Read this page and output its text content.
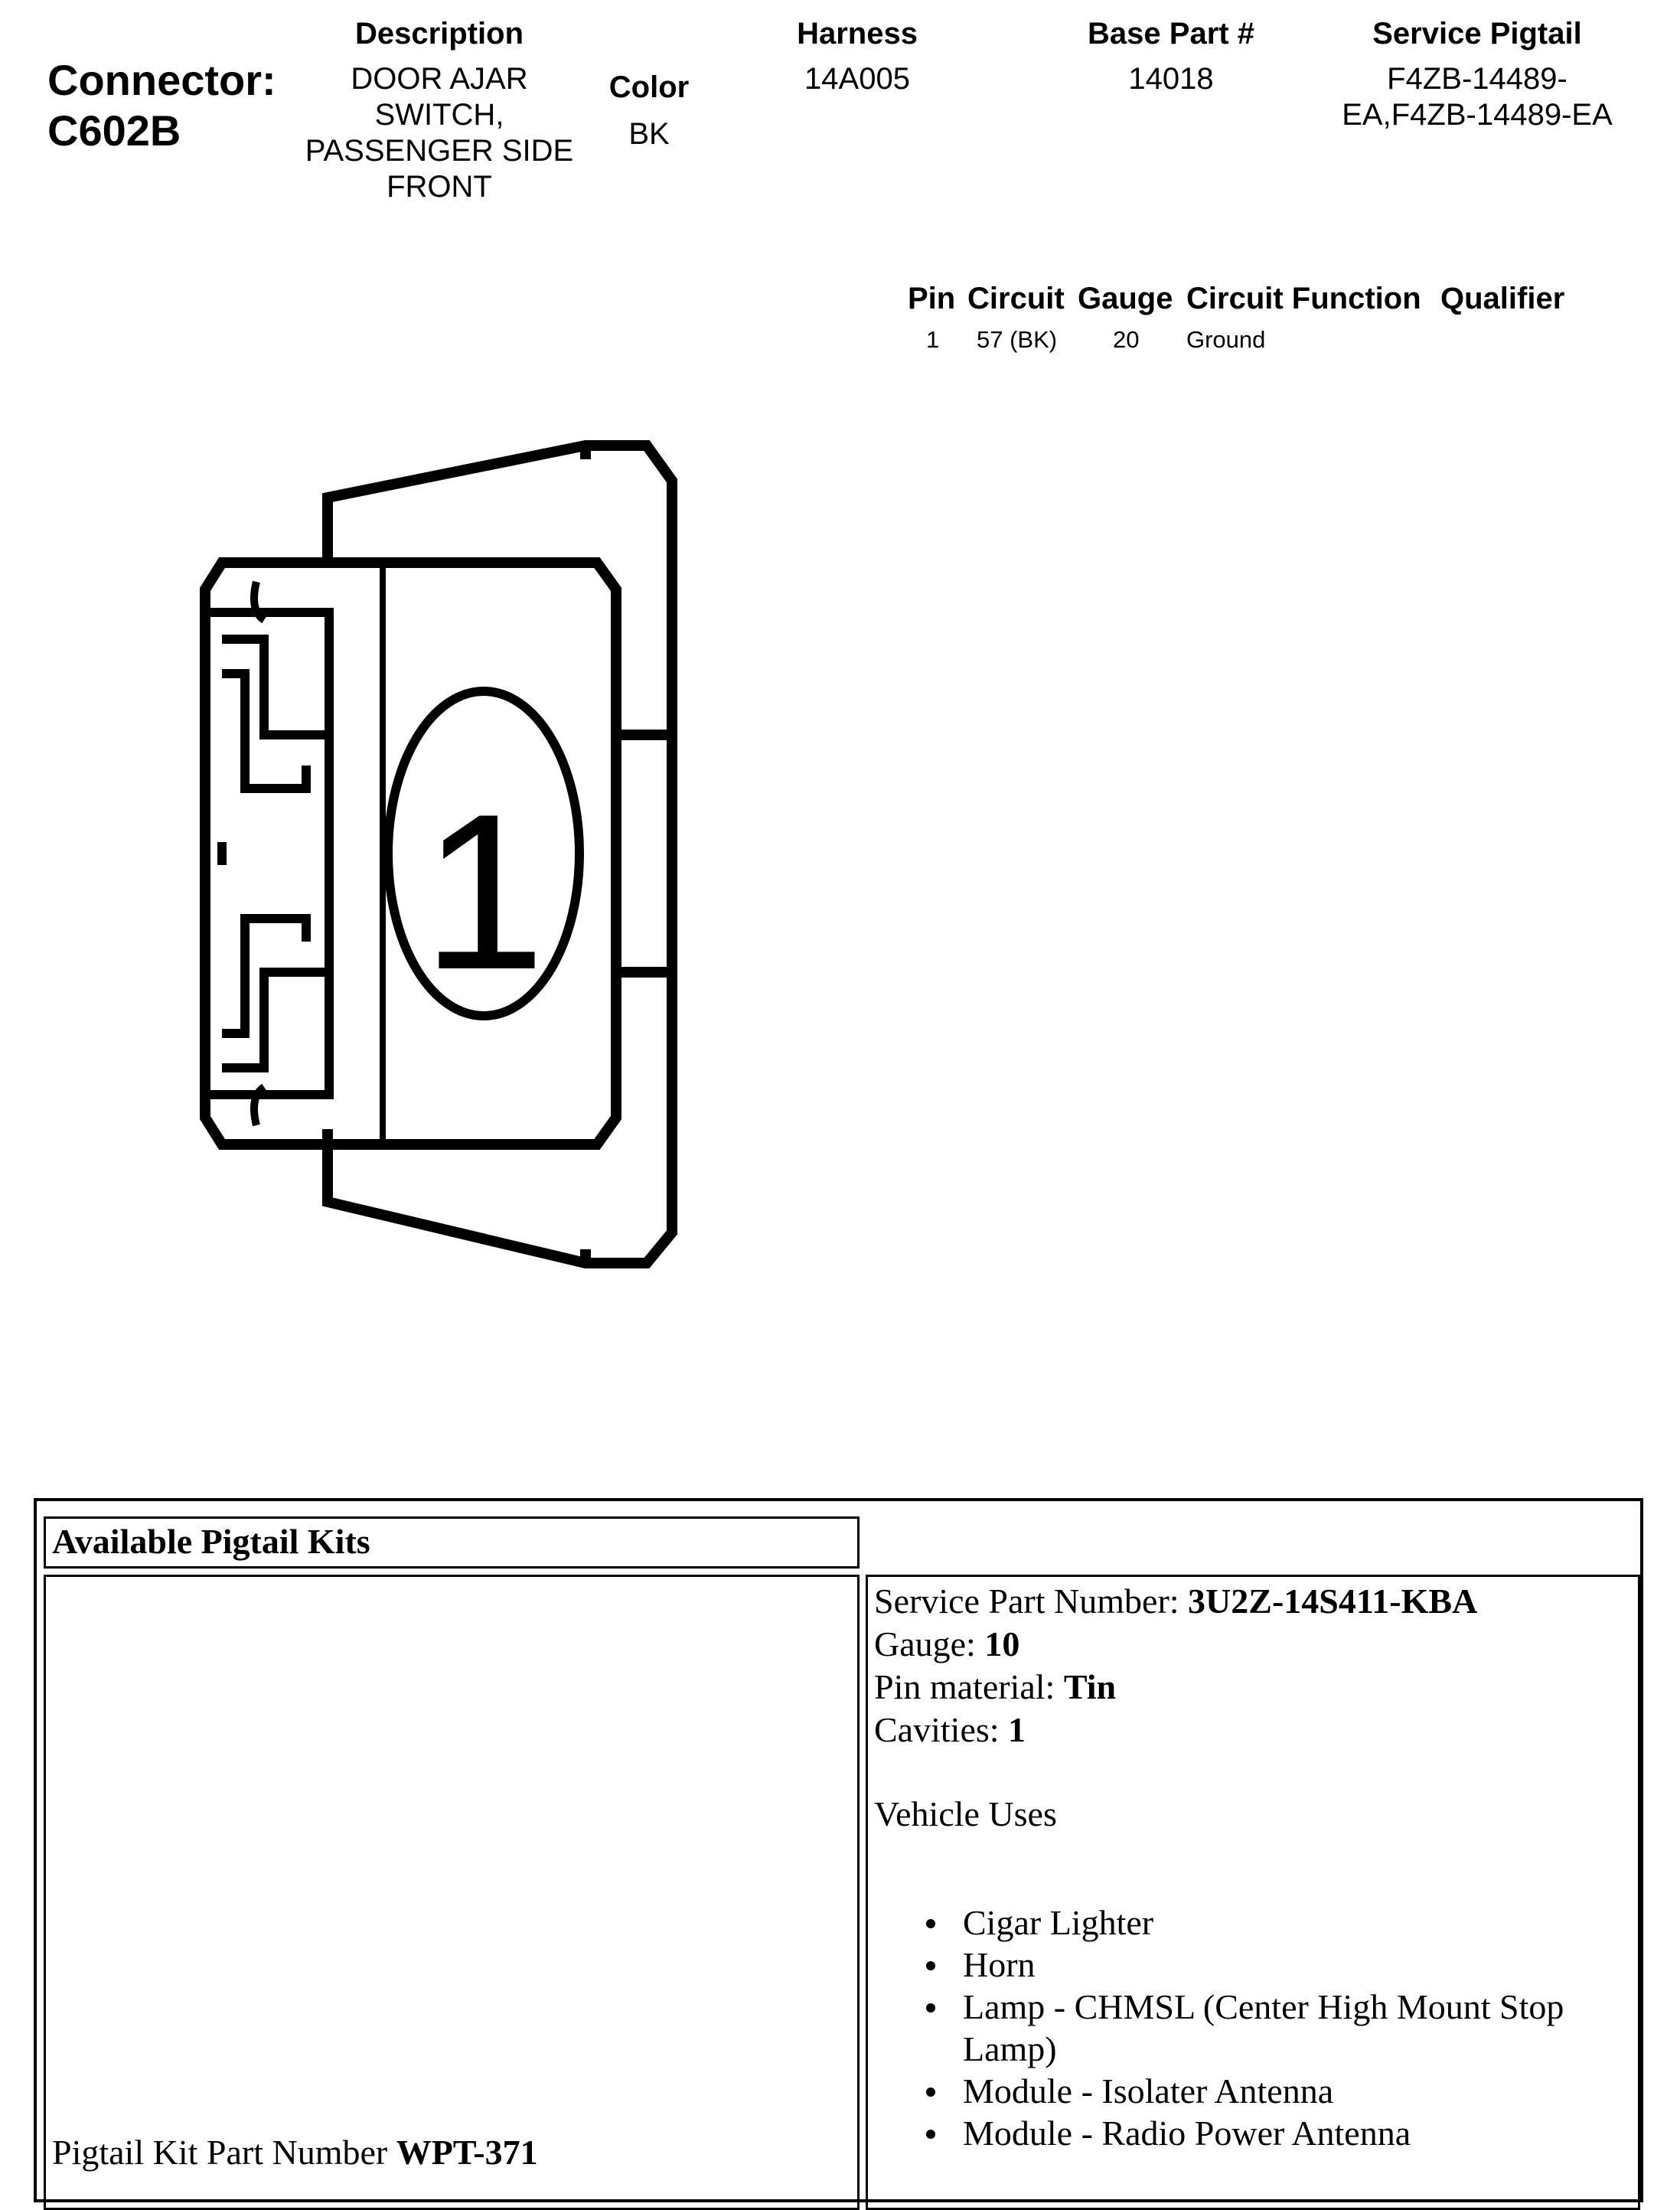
Connector:
C602B
Description
DOOR AJAR SWITCH, PASSENGER SIDE FRONT
Color
BK
Harness
14A005
Base Part #
14018
Service Pigtail
F4ZB-14489-EA,F4ZB-14489-EA
Pin Circuit Gauge Circuit Function Qualifier
1 57 (BK) 20 Ground
1
Available Pigtail Kits
Pigtail Kit Part Number WPT-371
Service Part Number: 3U2Z-14S411-KBA
Gauge: 10
Pin material: Tin
Cavities: 1
Vehicle Uses
Cigar Lighter
Horn
Lamp - CHMSL (Center High Mount Stop Lamp)
Module - Isolater Antenna
Module - Radio Power Antenna
